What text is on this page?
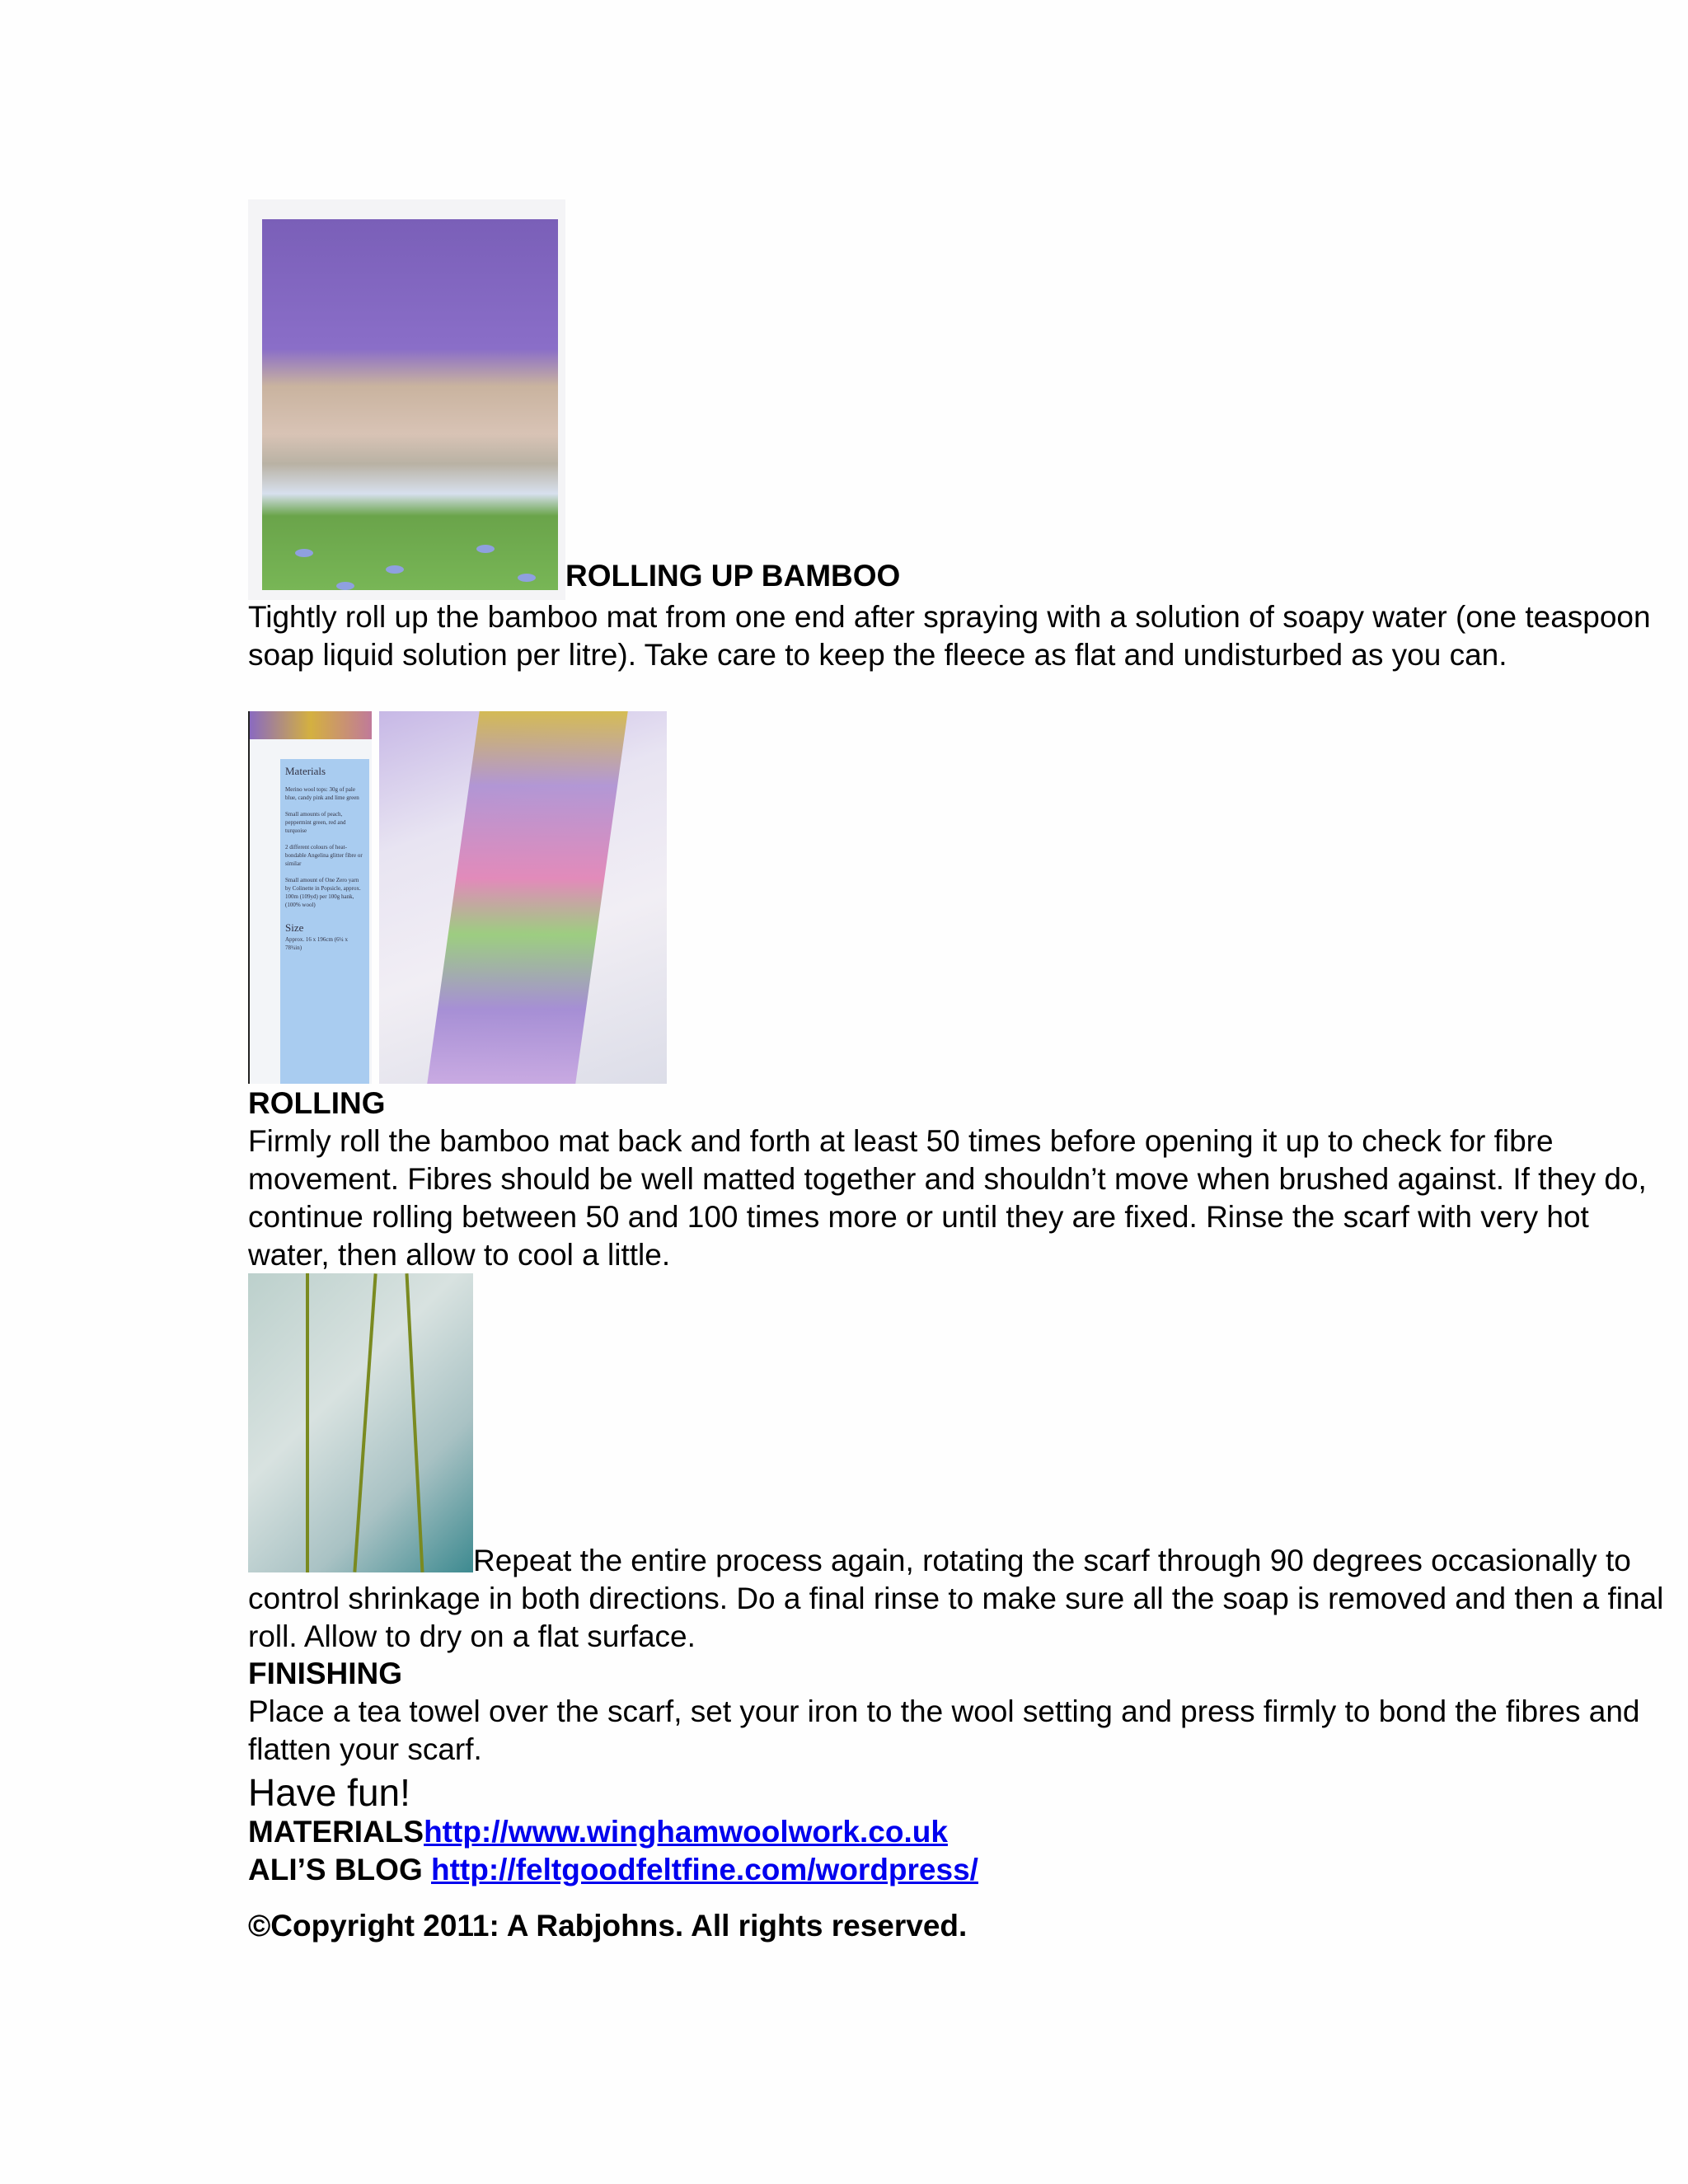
ROLLING UP BAMBOO
Tightly roll up the bamboo mat from one end after spraying with a solution of soapy water (one teaspoon soap liquid solution per litre). Take care to keep the fleece as flat and undisturbed as you can.
Materials

Merino wool tops: 30g of pale blue, candy pink and lime green

Small amounts of peach, peppermint green, red and turquoise

2 different colours of heat-bondable Angelina glitter fibre or similar

Small amount of One Zero yarn by Colinette in Popsicle, approx. 100m (109yd) per 100g hank, (100% wool)

Size

Approx. 16 x 196cm (6¼ x 78¾in)

ROLLING
Firmly roll the bamboo mat back and forth at least 50 times before opening it up to check for fibre movement. Fibres should be well matted together and shouldn’t move when brushed against. If they do, continue rolling between 50 and 100 times more or until they are fixed. Rinse the scarf with very hot water, then allow to cool a little.
Repeat the entire process again, rotating the scarf through 90 degrees occasionally to control shrinkage in both directions. Do a final rinse to make sure all the soap is removed and then a final roll. Allow to dry on a flat surface.
FINISHING
Place a tea towel over the scarf, set your iron to the wool setting and press firmly to bond the fibres and flatten your scarf.
Have fun!
MATERIALShttp://www.winghamwoolwork.co.uk
ALI’S BLOG http://feltgoodfeltfine.com/wordpress/
©Copyright 2011: A Rabjohns. All rights reserved.
